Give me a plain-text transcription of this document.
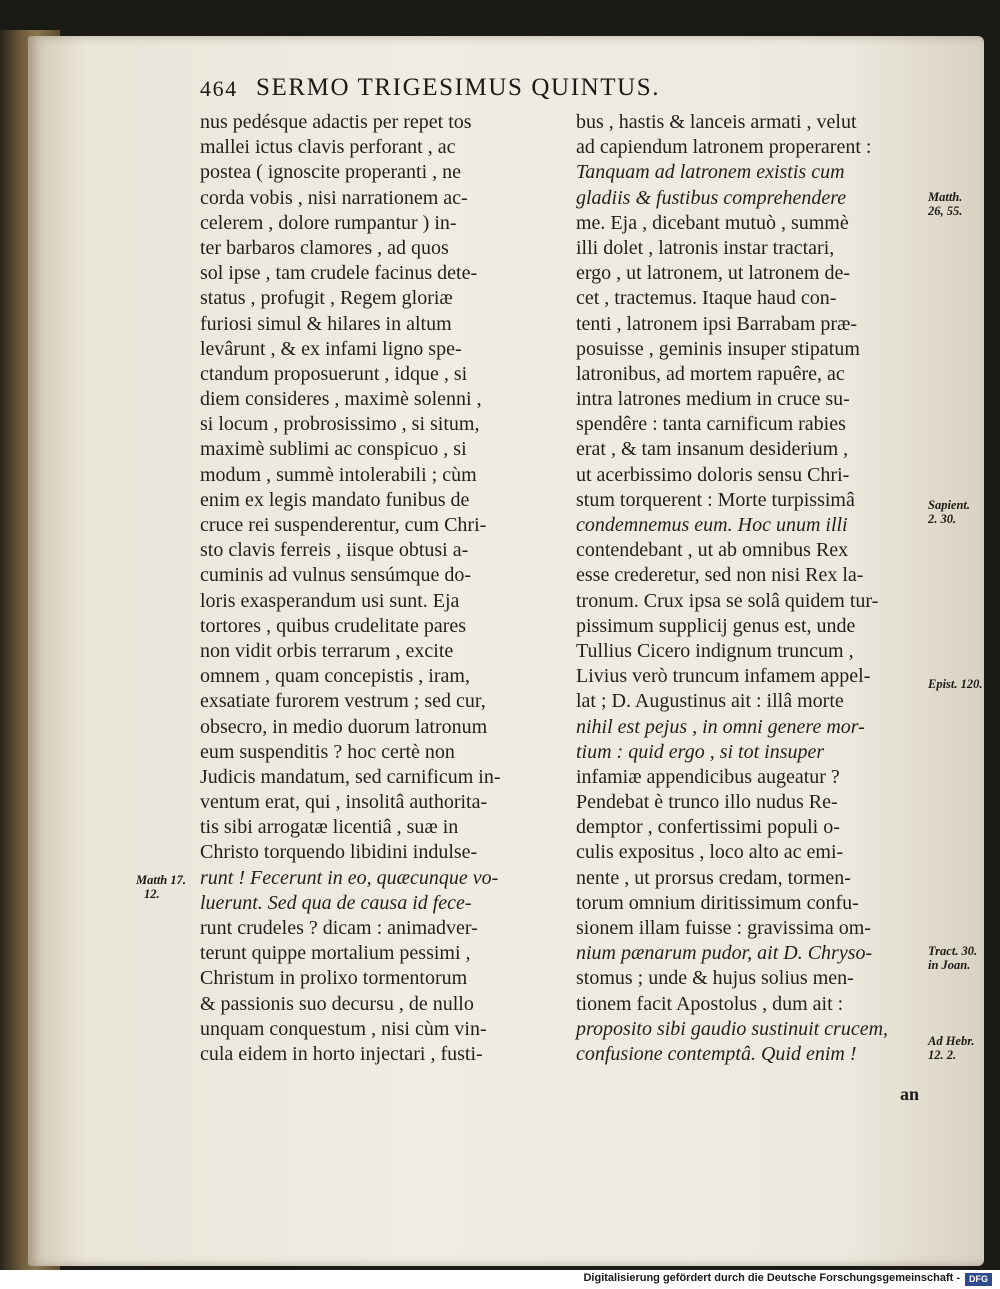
464 SERMO TRIGESIMUS QUINTUS.
nus pedésque adactis per repet tos
mallei ictus clavis perforant , ac
postea ( ignoscite properanti , ne
corda vobis , nisi narrationem ac-
celerem , dolore rumpantur ) in-
ter barbaros clamores , ad quos
sol ipse , tam crudele facinus dete-
status , profugit , Regem gloriæ
furiosi simul & hilares in altum
levârunt , & ex infami ligno spe-
ctandum proposuerunt , idque , si
diem consideres , maximè solenni ,
si locum , probrosissimo , si situm,
maximè sublimi ac conspicuo , si
modum , summè intolerabili ; cùm
enim ex legis mandato funibus de
cruce rei suspenderentur, cum Chri-
sto clavis ferreis , iisque obtusi a-
cuminis ad vulnus sensúmque do-
loris exasperandum usi sunt. Eja
tortores , quibus crudelitate pares
non vidit orbis terrarum , excite
omnem , quam concepistis , iram,
exsatiate furorem vestrum ; sed cur,
obsecro, in medio duorum latronum
eum suspenditis ? hoc certè non
Judicis mandatum, sed carnificum in-
ventum erat, qui , insolitâ authorita-
tis sibi arrogatæ licentiâ , suæ in
Christo torquendo libidini indulse-
runt ! Fecerunt in eo, quæcunque vo-
luerunt. Sed qua de causa id fece-
runt crudeles ? dicam : animadver-
terunt quippe mortalium pessimi ,
Christum in prolixo tormentorum
& passionis suo decursu , de nullo
unquam conquestum , nisi cùm vin-
cula eidem in horto injectari , fusti-
bus , hastis & lanceis armati , velut
ad capiendum latronem properarent :
Tanquam ad latronem existis cum
gladiis & fustibus comprehendere
me. Eja , dicebant mutuò , summè
illi dolet , latronis instar tractari,
ergo , ut latronem, ut latronem de-
cet , tractemus. Itaque haud con-
tenti , latronem ipsi Barrabam præ-
posuisse , geminis insuper stipatum
latronibus, ad mortem rapuêre, ac
intra latrones medium in cruce su-
spendêre : tanta carnificum rabies
erat , & tam insanum desiderium ,
ut acerbissimo doloris sensu Chri-
stum torquerent : Morte turpissimâ
condemnemus eum. Hoc unum illi
contendebant , ut ab omnibus Rex
esse crederetur, sed non nisi Rex la-
tronum. Crux ipsa se solâ quidem tur-
pissimum supplicij genus est, unde
Tullius Cicero indignum truncum ,
Livius verò truncum infamem appel-
lat ; D. Augustinus ait : illâ morte
nihil est pejus , in omni genere mor-
tium : quid ergo , si tot insuper
infamiæ appendicibus augeatur ?
Pendebat è trunco illo nudus Re-
demptor , confertissimi populi o-
culis expositus , loco alto ac emi-
nente , ut prorsus credam, tormen-
torum omnium diritissimum confu-
sionem illam fuisse : gravissima om-
nium pænarum pudor, ait D. Chryso-
stomus ; unde & hujus solius men-
tionem facit Apostolus , dum ait :
proposito sibi gaudio sustinuit crucem,
confusione contemptâ. Quid enim !
Matth.
26, 55.
Sapient.
2. 30.
Epist. 120.
Tract. 30.
in Joan.
Ad Hebr.
12. 2.
Matth 17.
12.
an
Digitalisierung gefördert durch die Deutsche Forschungsgemeinschaft -	DFG
